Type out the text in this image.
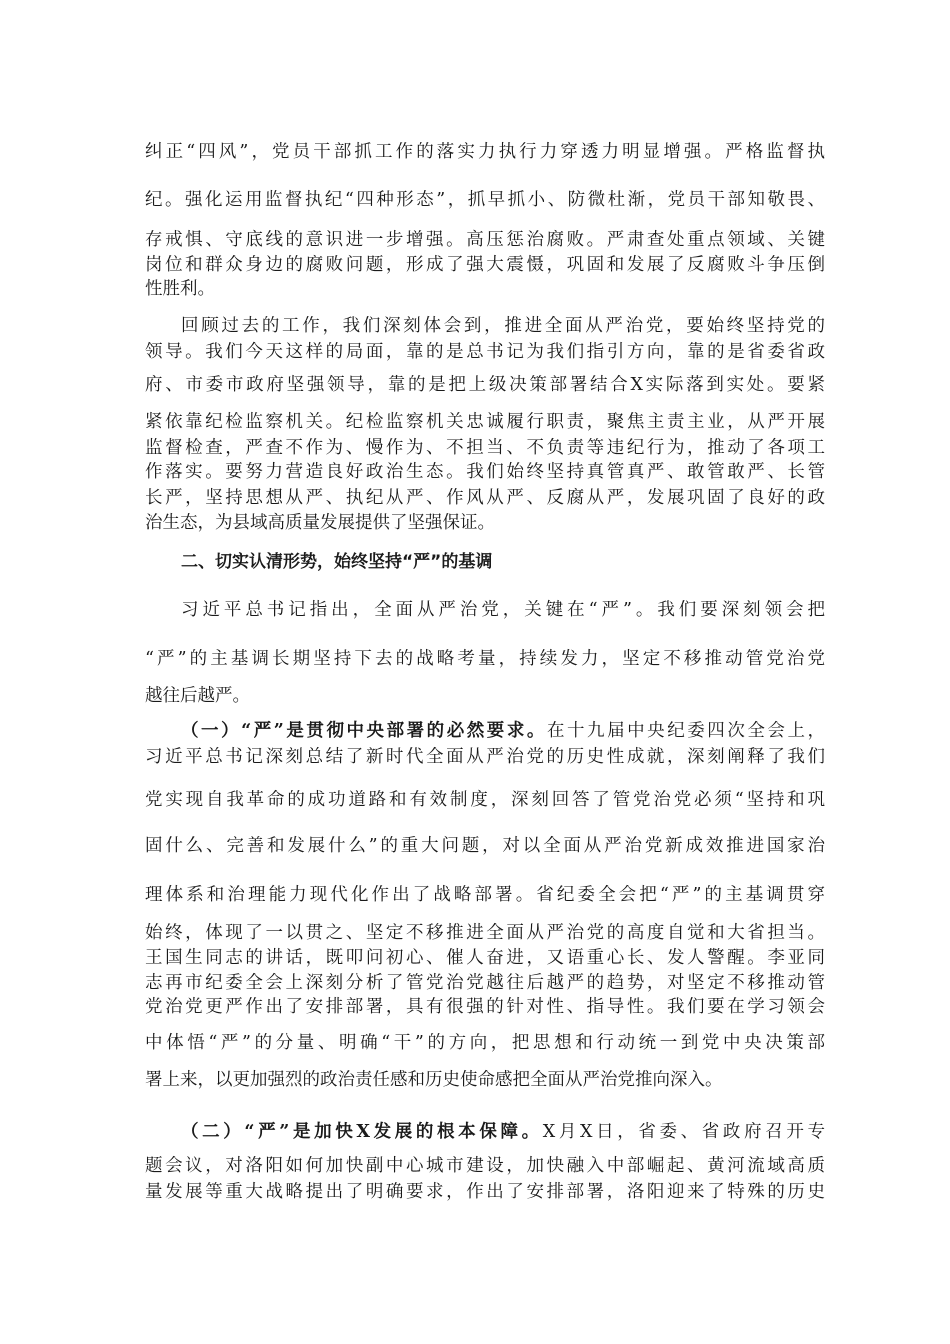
纠正“四风”，党员干部抓工作的落实力执行力穿透力明显增强。严格监督执
纪。强化运用监督执纪“四种形态”，抓早抓小、防微杜渐，党员干部知敬畏、
存戒惧、守底线的意识进一步增强。高压惩治腐败。严肃查处重点领域、关键
岗位和群众身边的腐败问题，形成了强大震慑，巩固和发展了反腐败斗争压倒
性胜利。
回顾过去的工作，我们深刻体会到，推进全面从严治党，要始终坚持党的
领导。我们今天这样的局面，靠的是总书记为我们指引方向，靠的是省委省政
府、市委市政府坚强领导，靠的是把上级决策部署结合X实际落到实处。要紧
紧依靠纪检监察机关。纪检监察机关忠诚履行职责，聚焦主责主业，从严开展
监督检查，严查不作为、慢作为、不担当、不负责等违纪行为，推动了各项工
作落实。要努力营造良好政治生态。我们始终坚持真管真严、敢管敢严、长管
长严，坚持思想从严、执纪从严、作风从严、反腐从严，发展巩固了良好的政
治生态，为县域高质量发展提供了坚强保证。
二、切实认清形势，始终坚持“严”的基调
习近平总书记指出，全面从严治党，关键在“严”。我们要深刻领会把
“严”的主基调长期坚持下去的战略考量，持续发力，坚定不移推动管党治党
越往后越严。
（一）“严”是贯彻中央部署的必然要求。在十九届中央纪委四次全会上，
习近平总书记深刻总结了新时代全面从严治党的历史性成就，深刻阐释了我们
党实现自我革命的成功道路和有效制度，深刻回答了管党治党必须“坚持和巩
固什么、完善和发展什么”的重大问题，对以全面从严治党新成效推进国家治
理体系和治理能力现代化作出了战略部署。省纪委全会把“严”的主基调贯穿
始终，体现了一以贯之、坚定不移推进全面从严治党的高度自觉和大省担当。
王国生同志的讲话，既叩问初心、催人奋进，又语重心长、发人警醒。李亚同
志再市纪委全会上深刻分析了管党治党越往后越严的趋势，对坚定不移推动管
党治党更严作出了安排部署，具有很强的针对性、指导性。我们要在学习领会
中体悟“严”的分量、明确“干”的方向，把思想和行动统一到党中央决策部
署上来，以更加强烈的政治责任感和历史使命感把全面从严治党推向深入。
（二）“严”是加快X发展的根本保障。X月X日，省委、省政府召开专
题会议，对洛阳如何加快副中心城市建设，加快融入中部崛起、黄河流域高质
量发展等重大战略提出了明确要求，作出了安排部署，洛阳迎来了特殊的历史
